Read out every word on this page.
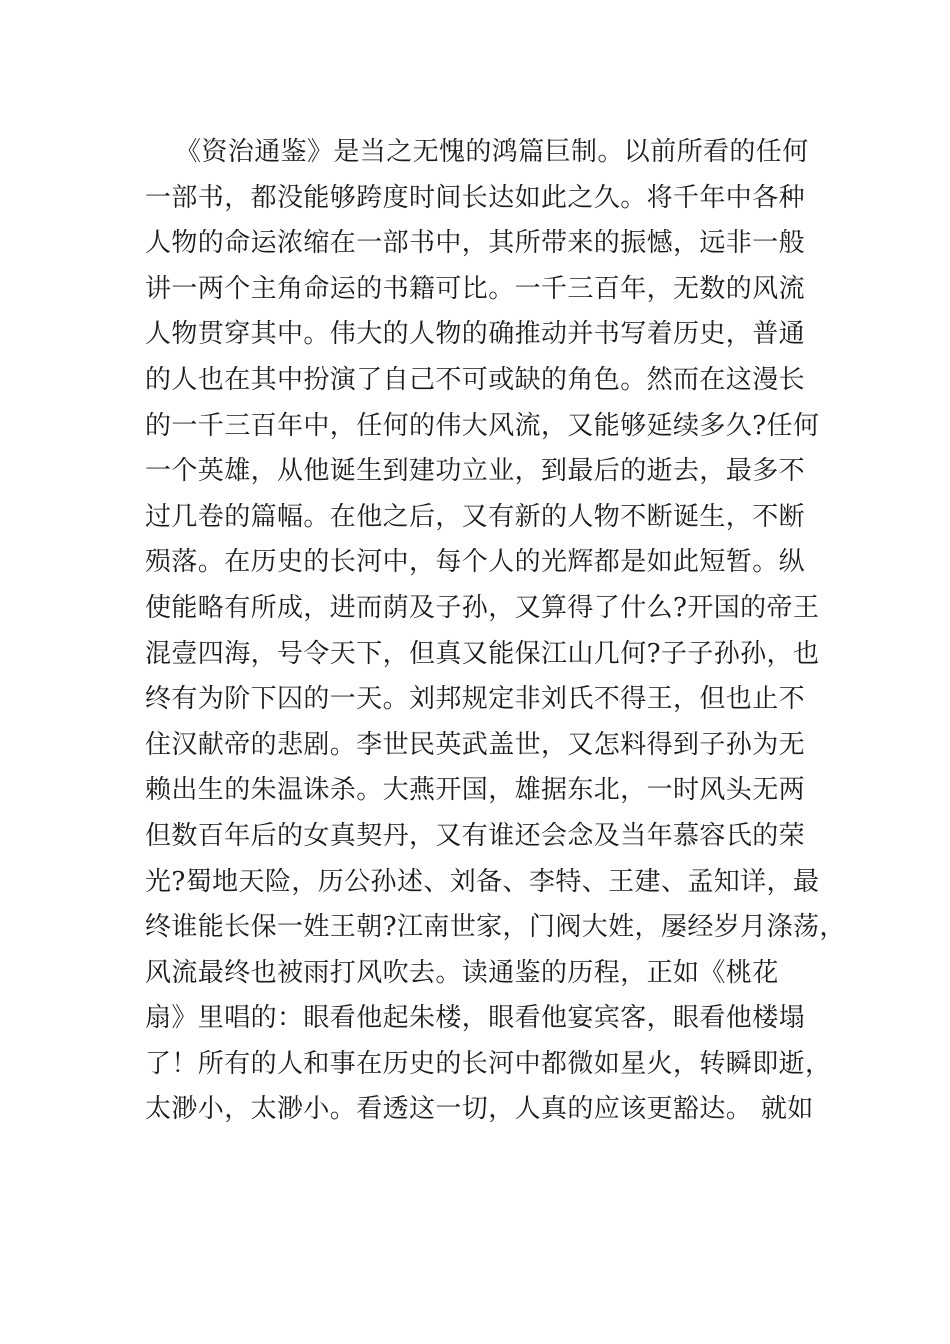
《资治通鉴》是当之无愧的鸿篇巨制。以前所看的任何
一部书，都没能够跨度时间长达如此之久。将千年中各种
人物的命运浓缩在一部书中，其所带来的振憾，远非一般
讲一两个主角命运的书籍可比。一千三百年，无数的风流
人物贯穿其中。伟大的人物的确推动并书写着历史，普通
的人也在其中扮演了自己不可或缺的角色。然而在这漫长
的一千三百年中，任何的伟大风流，又能够延续多久?任何
一个英雄，从他诞生到建功立业，到最后的逝去，最多不
过几卷的篇幅。在他之后，又有新的人物不断诞生，不断
殒落。在历史的长河中，每个人的光辉都是如此短暂。纵
使能略有所成，进而荫及子孙，又算得了什么?开国的帝王
混壹四海，号令天下，但真又能保江山几何?子子孙孙，也
终有为阶下囚的一天。刘邦规定非刘氏不得王，但也止不
住汉献帝的悲剧。李世民英武盖世，又怎料得到子孙为无
赖出生的朱温诛杀。大燕开国，雄据东北，一时风头无两
但数百年后的女真契丹，又有谁还会念及当年慕容氏的荣
光?蜀地天险，历公孙述、刘备、李特、王建、孟知详，最
终谁能长保一姓王朝?江南世家，门阀大姓，屡经岁月涤荡，
风流最终也被雨打风吹去。读通鉴的历程，正如《桃花
扇》里唱的：眼看他起朱楼，眼看他宴宾客，眼看他楼塌
了！所有的人和事在历史的长河中都微如星火，转瞬即逝，
太渺小，太渺小。看透这一切，人真的应该更豁达。 就如
